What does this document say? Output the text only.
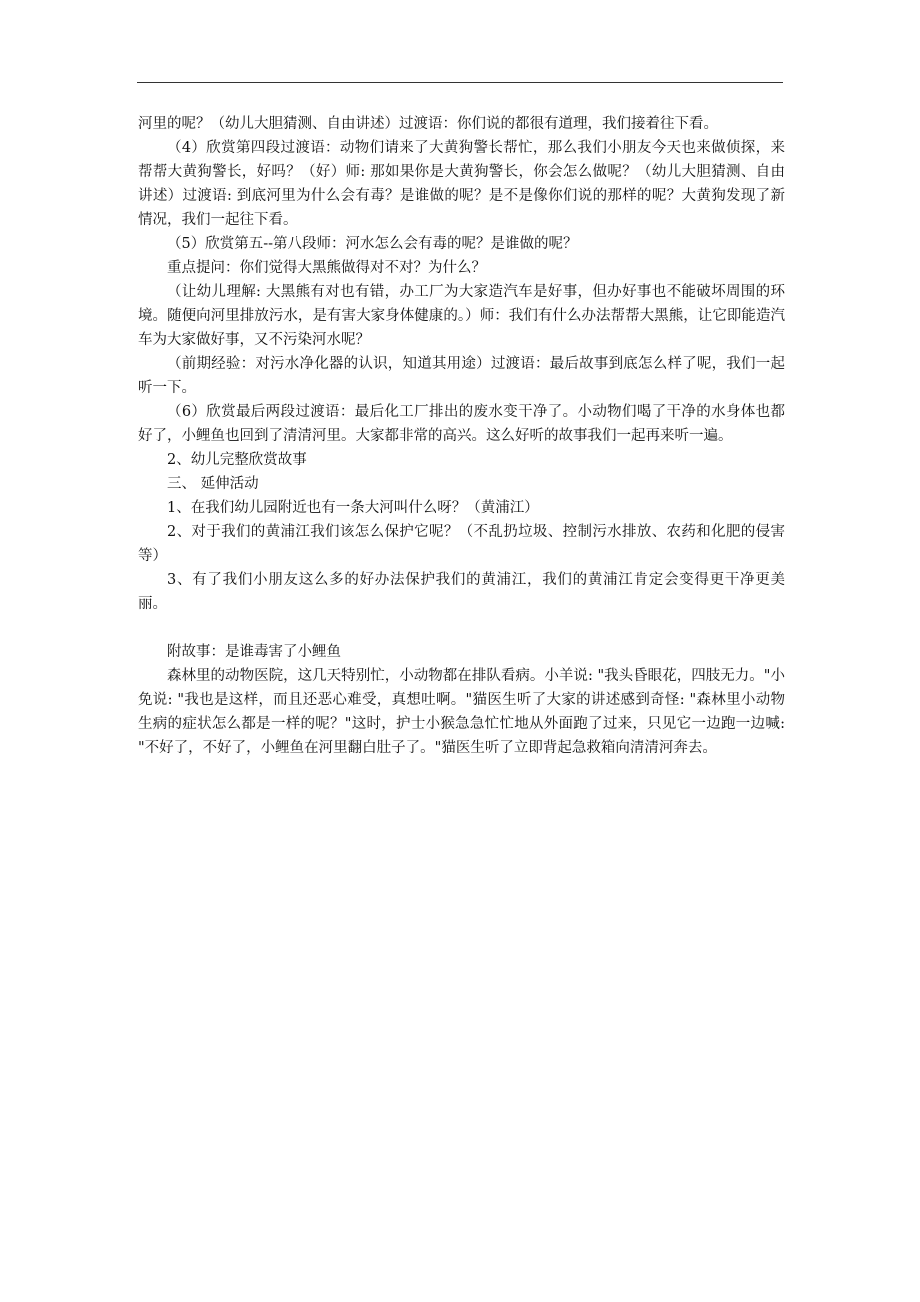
河里的呢？（幼儿大胆猜测、自由讲述）过渡语：你们说的都很有道理，我们接着往下看。

（4）欣赏第四段过渡语：动物们请来了大黄狗警长帮忙，那么我们小朋友今天也来做侦探，来帮帮大黄狗警长，好吗？（好）师: 那如果你是大黄狗警长，你会怎么做呢？（幼儿大胆猜测、自由讲述）过渡语: 到底河里为什么会有毒？是谁做的呢？是不是像你们说的那样的呢？大黄狗发现了新情况，我们一起往下看。

（5）欣赏第五--第八段师：河水怎么会有毒的呢？是谁做的呢？

重点提问：你们觉得大黑熊做得对不对？为什么？

（让幼儿理解: 大黑熊有对也有错，办工厂为大家造汽车是好事，但办好事也不能破坏周围的环境。随便向河里排放污水，是有害大家身体健康的。）师：我们有什么办法帮帮大黑熊，让它即能造汽车为大家做好事，又不污染河水呢？

（前期经验：对污水净化器的认识，知道其用途）过渡语：最后故事到底怎么样了呢，我们一起听一下。

（6）欣赏最后两段过渡语：最后化工厂排出的废水变干净了。小动物们喝了干净的水身体也都好了，小鲤鱼也回到了清清河里。大家都非常的高兴。这么好听的故事我们一起再来听一遍。

2、幼儿完整欣赏故事

三、 延伸活动

1、在我们幼儿园附近也有一条大河叫什么呀？（黄浦江）

2、对于我们的黄浦江我们该怎么保护它呢？（不乱扔垃圾、控制污水排放、农药和化肥的侵害等）

3、有了我们小朋友这么多的好办法保护我们的黄浦江，我们的黄浦江肯定会变得更干净更美丽。

附故事：是谁毒害了小鲤鱼

森林里的动物医院，这几天特别忙，小动物都在排队看病。小羊说: "我头昏眼花，四肢无力。"小免说: "我也是这样，而且还恶心难受，真想吐啊。"猫医生听了大家的讲述感到奇怪: "森林里小动物生病的症状怎么都是一样的呢？"这时，护士小猴急急忙忙地从外面跑了过来，只见它一边跑一边喊: "不好了，不好了，小鲤鱼在河里翻白肚子了。"猫医生听了立即背起急救箱向清清河奔去。
